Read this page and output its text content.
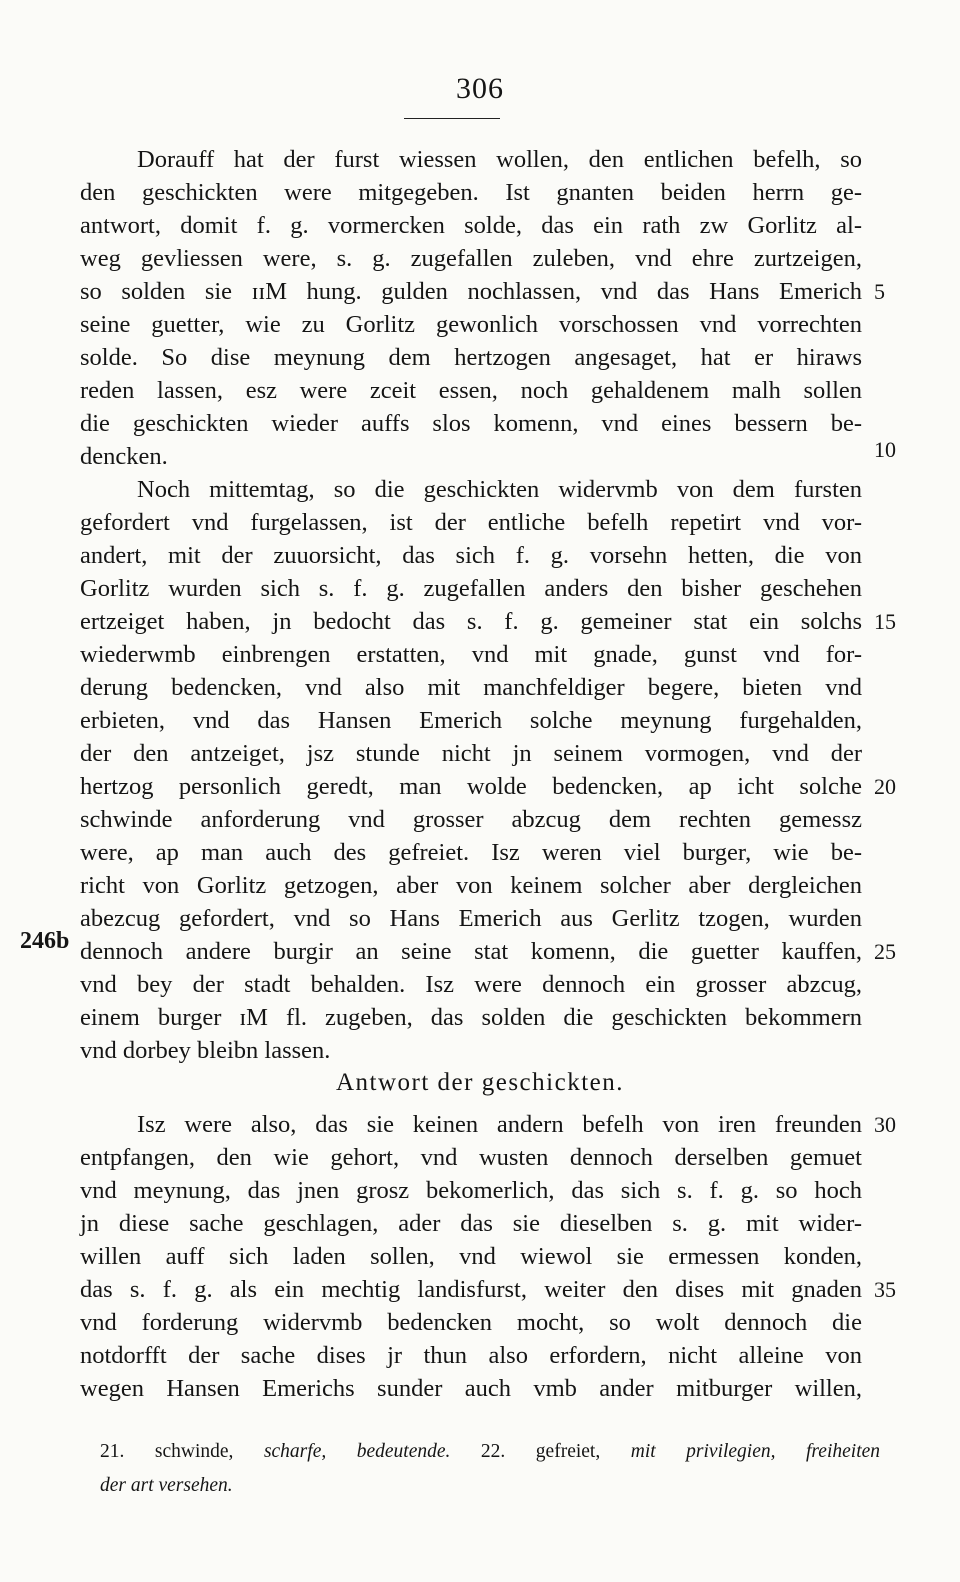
306
Dorauff hat der furst wiessen wollen, den entlichen befelh, so
den geschickten were mitgegeben. Ist gnanten beiden herrn ge-
antwort, domit f. g. vormercken solde, das ein rath zw Gorlitz al-
weg gevliessen were, s. g. zugefallen zuleben, vnd ehre zurtzeigen,
so solden sie ɪɪM hung. gulden nochlassen, vnd das Hans Emerich
seine guetter, wie zu Gorlitz gewonlich vorschossen vnd vorrechten
solde. So dise meynung dem hertzogen angesaget, hat er hiraws
reden lassen, esz were zceit essen, noch gehaldenem malh sollen
die geschickten wieder auffs slos komenn, vnd eines bessern be-
dencken.
Noch mittemtag, so die geschickten widervmb von dem fursten
gefordert vnd furgelassen, ist der entliche befelh repetirt vnd vor-
andert, mit der zuuorsicht, das sich f. g. vorsehn hetten, die von
Gorlitz wurden sich s. f. g. zugefallen anders den bisher geschehen
ertzeiget haben, jn bedocht das s. f. g. gemeiner stat ein solchs
wiederwmb einbrengen erstatten, vnd mit gnade, gunst vnd for-
derung bedencken, vnd also mit manchfeldiger begere, bieten vnd
erbieten, vnd das Hansen Emerich solche meynung furgehalden,
der den antzeiget, jsz stunde nicht jn seinem vormogen, vnd der
hertzog personlich geredt, man wolde bedencken, ap icht solche
schwinde anforderung vnd grosser abzcug dem rechten gemessz
were, ap man auch des gefreiet. Isz weren viel burger, wie be-
richt von Gorlitz getzogen, aber von keinem solcher aber dergleichen
abezcug gefordert, vnd so Hans Emerich aus Gerlitz tzogen, wurden
dennoch andere burgir an seine stat komenn, die guetter kauffen,
vnd bey der stadt behalden. Isz were dennoch ein grosser abzcug,
einem burger ɪM fl. zugeben, das solden die geschickten bekommern
vnd dorbey bleibn lassen.
Antwort der geschickten.
Isz were also, das sie keinen andern befelh von iren freunden
entpfangen, den wie gehort, vnd wusten dennoch derselben gemuet
vnd meynung, das jnen grosz bekomerlich, das sich s. f. g. so hoch
jn diese sache geschlagen, ader das sie dieselben s. g. mit wider-
willen auff sich laden sollen, vnd wiewol sie ermessen konden,
das s. f. g. als ein mechtig landisfurst, weiter den dises mit gnaden
vnd forderung widervmb bedencken mocht, so wolt dennoch die
notdorfft der sache dises jr thun also erfordern, nicht alleine von
wegen Hansen Emerichs sunder auch vmb ander mitburger willen,
5
10
15
20
25
30
35
246b
21. schwinde, scharfe, bedeutende. 22. gefreiet, mit privilegien, freiheiten
der art versehen.
